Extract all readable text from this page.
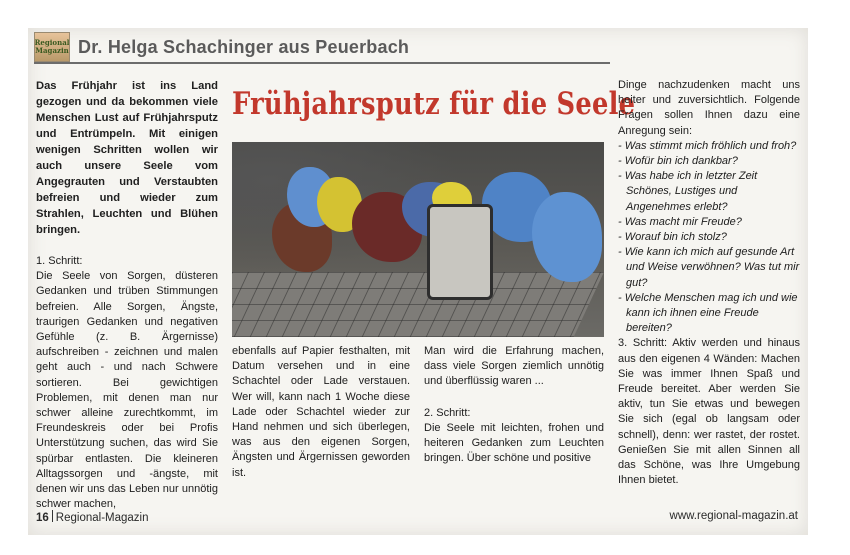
Regional
Magazin Dr. Helga Schachinger aus Peuerbach

Das Frühjahr ist ins Land gezogen und da bekommen viele Menschen Lust auf Frühjahrsputz und Entrümpeln. Mit einigen wenigen Schritten wollen wir auch unsere Seele vom Angegrauten und Verstaubten befreien und wieder zum Strahlen, Leuchten und Blühen bringen.

1. Schritt:

Die Seele von Sorgen, düsteren Gedanken und trüben Stimmungen befreien. Alle Sorgen, Ängste, traurigen Gedanken und negativen Gefühle (z. B. Ärgernisse) aufschreiben - zeichnen und malen geht auch - und nach Schwere sortieren. Bei gewichtigen Problemen, mit denen man nur schwer alleine zurechtkommt, im Freundeskreis oder bei Profis Unterstützung suchen, das wird Sie spürbar entlasten. Die kleineren Alltagssorgen und -ängste, mit denen wir uns das Leben nur unnötig schwer machen,

Frühjahrsputz für die Seele

ebenfalls auf Papier festhalten, mit Datum versehen und in eine Schachtel oder Lade verstauen. Wer will, kann nach 1 Woche diese Lade oder Schachtel wieder zur Hand nehmen und sich überlegen, was aus den eigenen Sorgen, Ängsten und Ärgernissen geworden ist.

Man wird die Erfahrung machen, dass viele Sorgen ziemlich unnötig und überflüssig waren ...

2. Schritt:

Die Seele mit leichten, frohen und heiteren Gedanken zum Leuchten bringen. Über schöne und positive

Dinge nachzudenken macht uns heiter und zuversichtlich. Folgende Fragen sollen Ihnen dazu eine Anregung sein:

- Was stimmt mich fröhlich und froh?

- Wofür bin ich dankbar?

- Was habe ich in letzter Zeit Schönes, Lustiges und Angenehmes erlebt?

- Was macht mir Freude?

- Worauf bin ich stolz?

- Wie kann ich mich auf gesunde Art und Weise verwöhnen? Was tut mir gut?

- Welche Menschen mag ich und wie kann ich ihnen eine Freude bereiten?

3. Schritt: Aktiv werden und hinaus aus den eigenen 4 Wänden: Machen Sie was immer Ihnen Spaß und Freude bereitet. Aber werden Sie aktiv, tun Sie etwas und bewegen Sie sich (egal ob langsam oder schnell), denn: wer rastet, der rostet. Genießen Sie mit allen Sinnen all das Schöne, was Ihre Umgebung Ihnen bietet.

16 Regional-Magazin	www.regional-magazin.at
